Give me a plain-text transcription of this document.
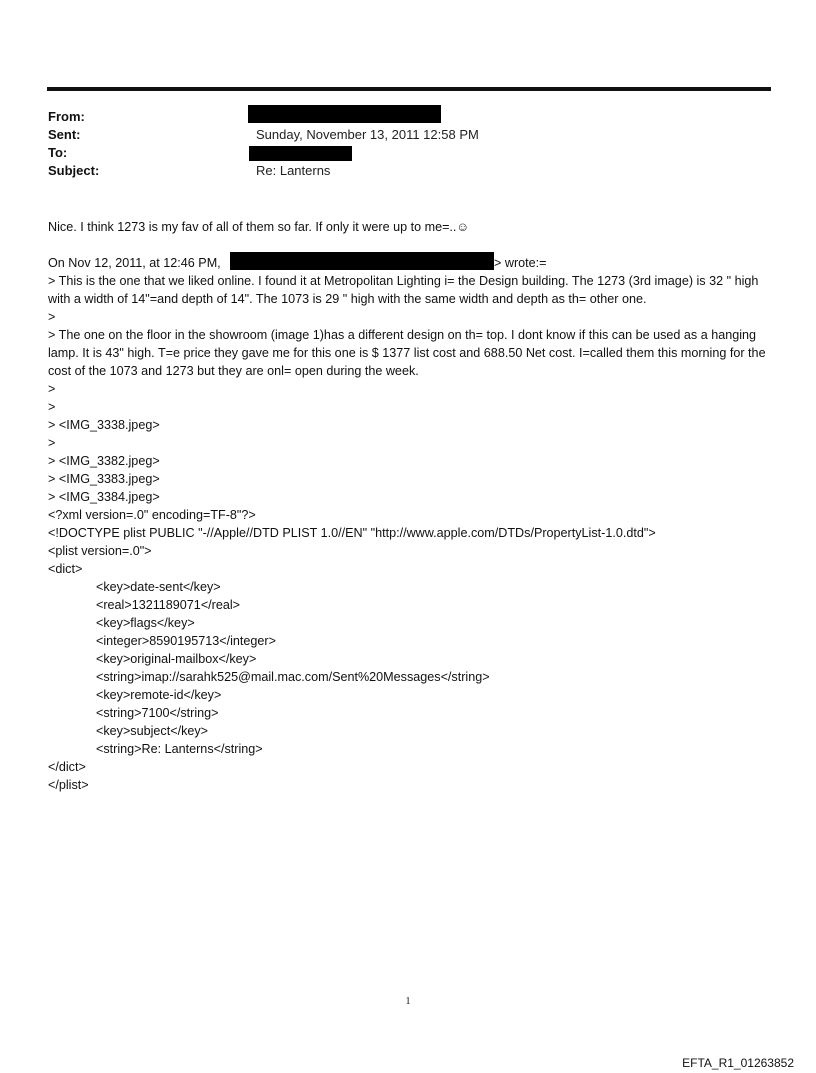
From:
Sent:	Sunday, November 13, 2011 12:58 PM
To:
Subject:	Re: Lanterns
Nice. I think 1273 is my fav of all of them so far. If only it were up to me=..☺
On Nov 12, 2011, at 12:46 PM,	> wrote:=
> This is the one that we liked online. I found it at Metropolitan Lighting i= the Design building. The 1273 (3rd image) is 32 " high with a width of 14"=and depth of 14". The 1073 is 29 " high with the same width and depth as th= other one.
>
> The one on the floor in the showroom (image 1)has a different design on th= top. I dont know if this can be used as a hanging lamp. It is 43" high. T=e price they gave me for this one is $ 1377 list cost and 688.50 Net cost. I=called them this morning for the cost of the 1073 and 1273 but they are onl= open during the week.
>
>
> <IMG_3338.jpeg>
>
> <IMG_3382.jpeg>
> <IMG_3383.jpeg>
> <IMG_3384.jpeg>
<?xml version=.0" encoding=TF-8"?>
<!DOCTYPE plist PUBLIC "-//Apple//DTD PLIST 1.0//EN" "http://www.apple.com/DTDs/PropertyList-1.0.dtd">
<plist version=.0">
<dict>
<key>date-sent</key>
<real>1321189071</real>
<key>flags</key>
<integer>8590195713</integer>
<key>original-mailbox</key>
<string>imap://sarahk525@mail.mac.com/Sent%20Messages</string>
<key>remote-id</key>
<string>7100</string>
<key>subject</key>
<string>Re: Lanterns</string>
</dict>
</plist>
1
EFTA_R1_01263852
